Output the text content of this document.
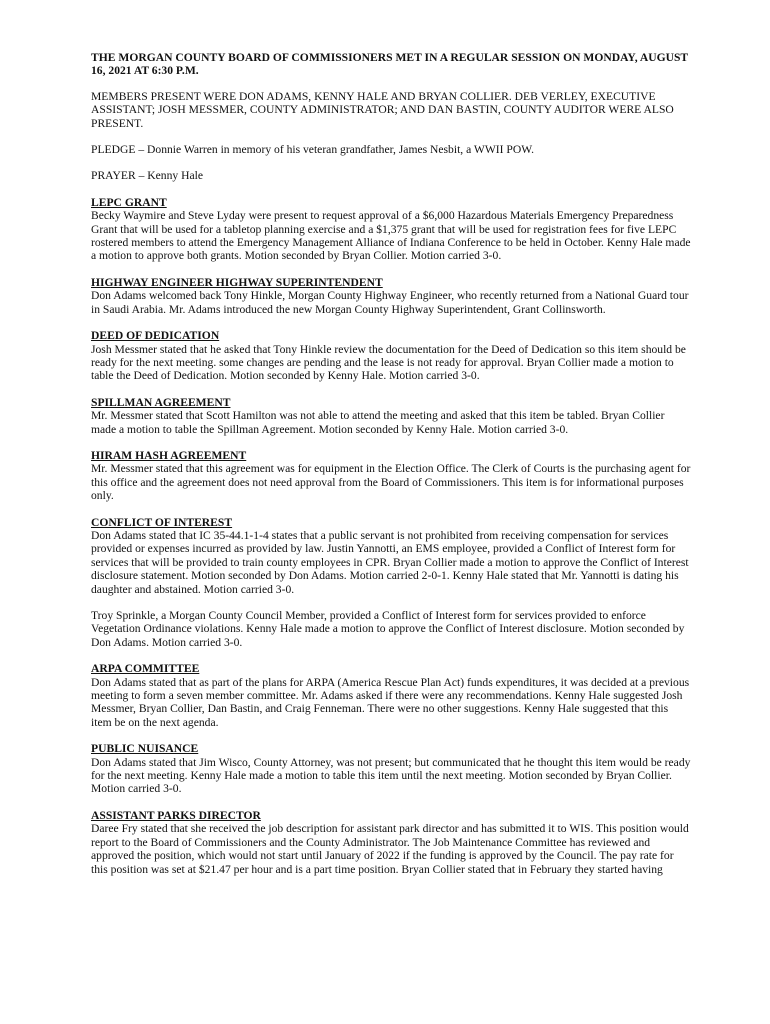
THE MORGAN COUNTY BOARD OF COMMISSIONERS MET IN A REGULAR SESSION ON MONDAY, AUGUST 16, 2021 AT 6:30 P.M.

MEMBERS PRESENT WERE DON ADAMS, KENNY HALE AND BRYAN COLLIER. DEB VERLEY, EXECUTIVE ASSISTANT; JOSH MESSMER, COUNTY ADMINISTRATOR; AND DAN BASTIN, COUNTY AUDITOR WERE ALSO PRESENT.

PLEDGE – Donnie Warren in memory of his veteran grandfather, James Nesbit, a WWII POW.

PRAYER – Kenny Hale

LEPC GRANT

Becky Waymire and Steve Lyday were present to request approval of a $6,000 Hazardous Materials Emergency Preparedness Grant that will be used for a tabletop planning exercise and a $1,375 grant that will be used for registration fees for five LEPC rostered members to attend the Emergency Management Alliance of Indiana Conference to be held in October. Kenny Hale made a motion to approve both grants. Motion seconded by Bryan Collier. Motion carried 3-0.

HIGHWAY ENGINEER HIGHWAY SUPERINTENDENT

Don Adams welcomed back Tony Hinkle, Morgan County Highway Engineer, who recently returned from a National Guard tour in Saudi Arabia. Mr. Adams introduced the new Morgan County Highway Superintendent, Grant Collinsworth.

DEED OF DEDICATION

Josh Messmer stated that he asked that Tony Hinkle review the documentation for the Deed of Dedication so this item should be ready for the next meeting. some changes are pending and the lease is not ready for approval. Bryan Collier made a motion to table the Deed of Dedication. Motion seconded by Kenny Hale. Motion carried 3-0.

SPILLMAN AGREEMENT

Mr. Messmer stated that Scott Hamilton was not able to attend the meeting and asked that this item be tabled. Bryan Collier made a motion to table the Spillman Agreement. Motion seconded by Kenny Hale. Motion carried 3-0.

HIRAM HASH AGREEMENT

Mr. Messmer stated that this agreement was for equipment in the Election Office. The Clerk of Courts is the purchasing agent for this office and the agreement does not need approval from the Board of Commissioners. This item is for informational purposes only.

CONFLICT OF INTEREST

Don Adams stated that IC 35-44.1-1-4 states that a public servant is not prohibited from receiving compensation for services provided or expenses incurred as provided by law. Justin Yannotti, an EMS employee, provided a Conflict of Interest form for services that will be provided to train county employees in CPR. Bryan Collier made a motion to approve the Conflict of Interest disclosure statement. Motion seconded by Don Adams. Motion carried 2-0-1. Kenny Hale stated that Mr. Yannotti is dating his daughter and abstained. Motion carried 3-0.

Troy Sprinkle, a Morgan County Council Member, provided a Conflict of Interest form for services provided to enforce Vegetation Ordinance violations. Kenny Hale made a motion to approve the Conflict of Interest disclosure. Motion seconded by Don Adams. Motion carried 3-0.

ARPA COMMITTEE

Don Adams stated that as part of the plans for ARPA (America Rescue Plan Act) funds expenditures, it was decided at a previous meeting to form a seven member committee. Mr. Adams asked if there were any recommendations. Kenny Hale suggested Josh Messmer, Bryan Collier, Dan Bastin, and Craig Fenneman. There were no other suggestions. Kenny Hale suggested that this item be on the next agenda.

PUBLIC NUISANCE

Don Adams stated that Jim Wisco, County Attorney, was not present; but communicated that he thought this item would be ready for the next meeting. Kenny Hale made a motion to table this item until the next meeting. Motion seconded by Bryan Collier. Motion carried 3-0.

ASSISTANT PARKS DIRECTOR

Daree Fry stated that she received the job description for assistant park director and has submitted it to WIS. This position would report to the Board of Commissioners and the County Administrator. The Job Maintenance Committee has reviewed and approved the position, which would not start until January of 2022 if the funding is approved by the Council. The pay rate for this position was set at $21.47 per hour and is a part time position. Bryan Collier stated that in February they started having
